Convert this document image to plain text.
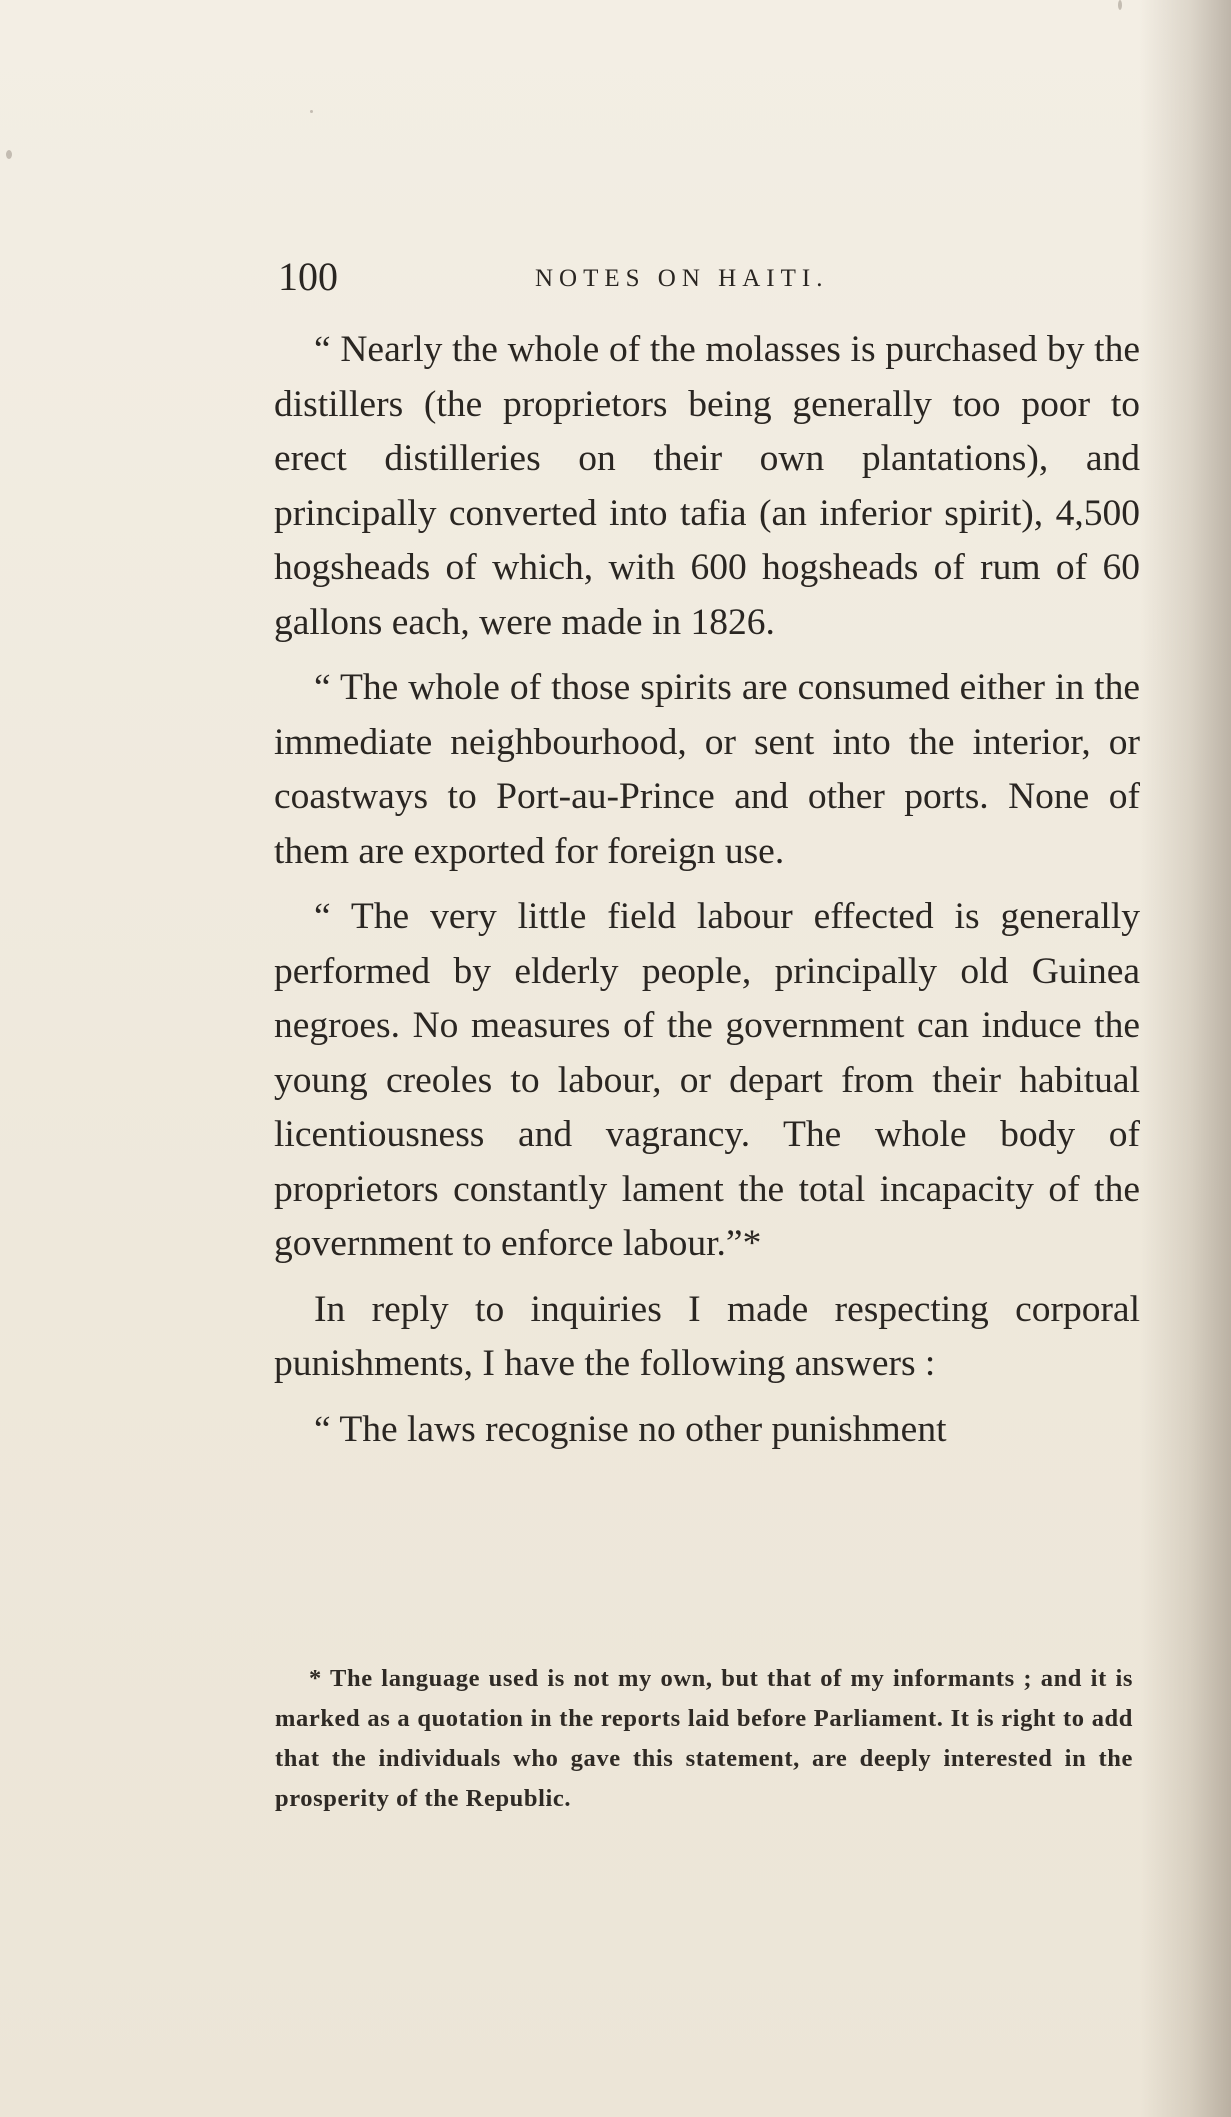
100	NOTES ON HAITI.

“ Nearly the whole of the molasses is purchased by the distillers (the proprietors being generally too poor to erect distilleries on their own plantations), and principally converted into tafia (an inferior spirit), 4,500 hogsheads of which, with 600 hogsheads of rum of 60 gallons each, were made in 1826.

“ The whole of those spirits are consumed either in the immediate neighbourhood, or sent into the interior, or coastways to Port-au-Prince and other ports. None of them are exported for foreign use.

“ The very little field labour effected is generally performed by elderly people, principally old Guinea negroes. No measures of the government can induce the young creoles to labour, or depart from their habitual licentiousness and vagrancy. The whole body of proprietors constantly lament the total incapacity of the government to enforce labour.”*

In reply to inquiries I made respecting corporal punishments, I have the following answers :

“ The laws recognise no other punishment

* The language used is not my own, but that of my informants ; and it is marked as a quotation in the reports laid before Parliament. It is right to add that the individuals who gave this statement, are deeply interested in the prosperity of the Republic.
